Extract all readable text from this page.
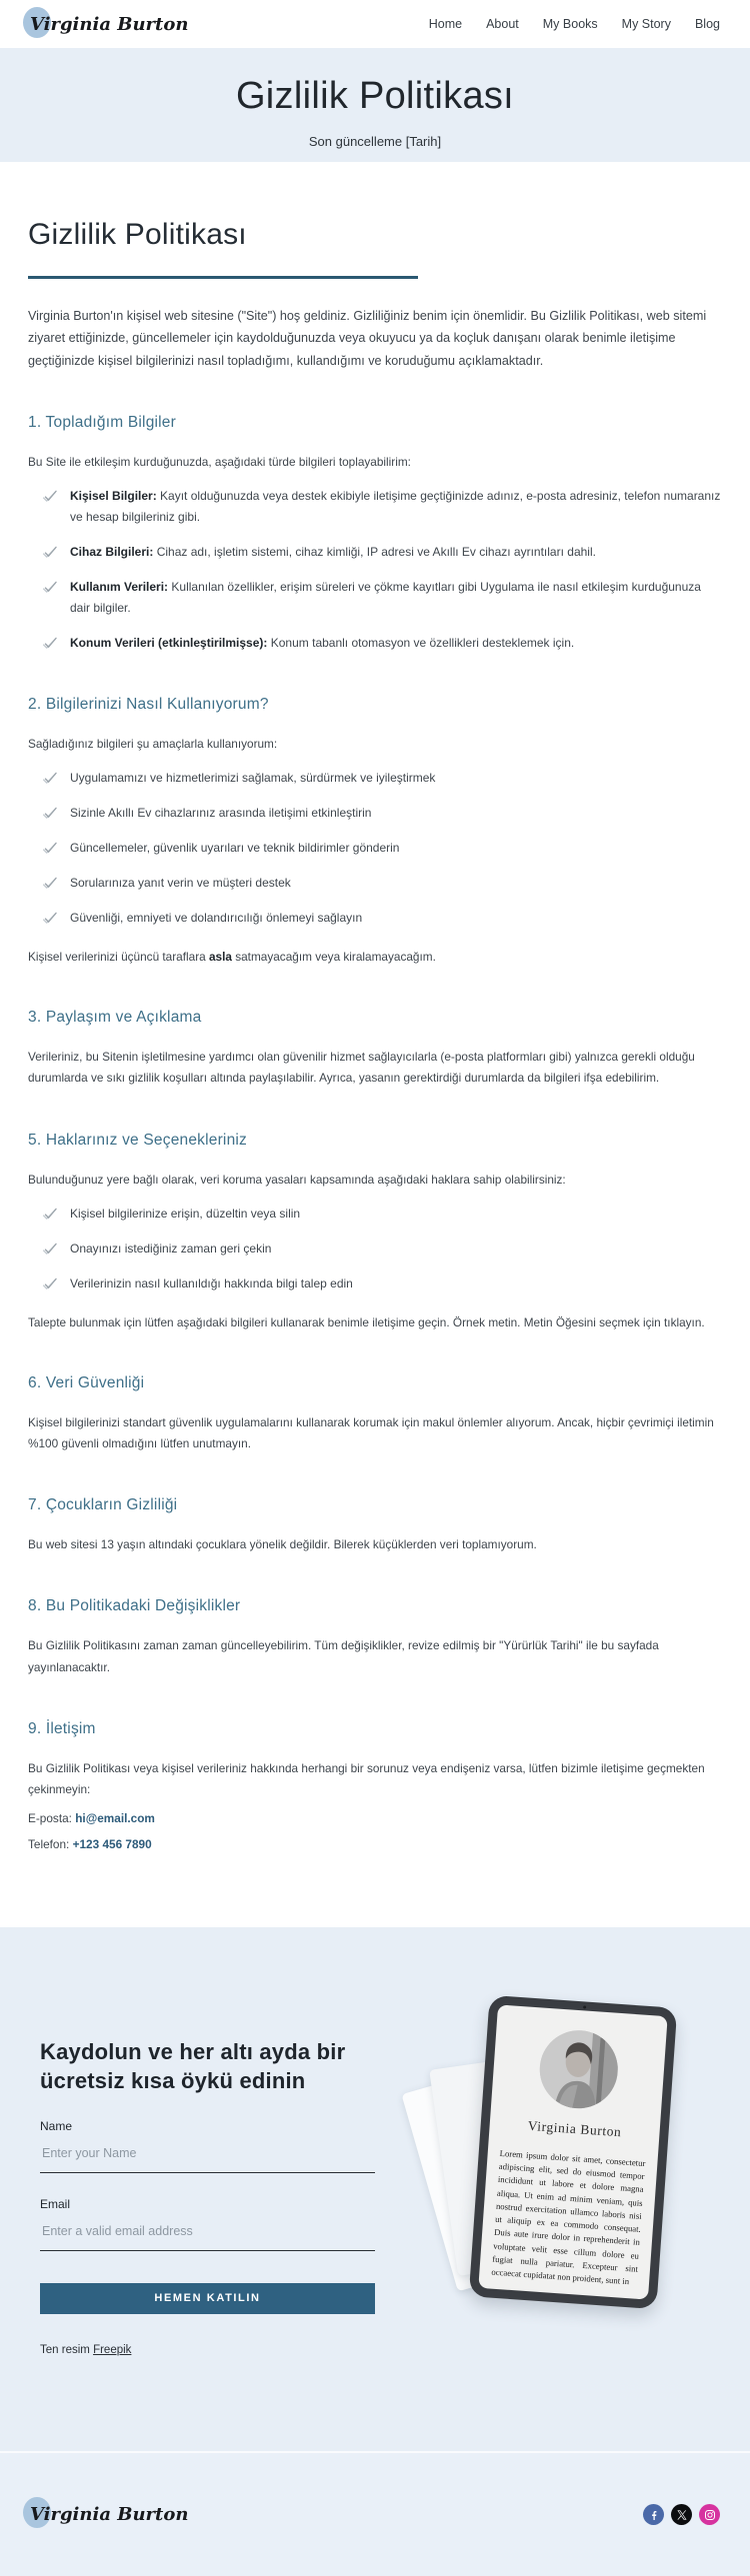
Virginia Burton	Home About My Books My Story Blog
Gizlilik Politikası

Son güncelleme [Tarih]

Gizlilik Politikası

Virginia Burton'ın kişisel web sitesine ("Site") hoş geldiniz. Gizliliğiniz benim için önemlidir. Bu Gizlilik Politikası, web sitemi ziyaret ettiğinizde, güncellemeler için kaydolduğunuzda veya okuyucu ya da koçluk danışanı olarak benimle iletişime geçtiğinizde kişisel bilgilerinizi nasıl topladığımı, kullandığımı ve koruduğumu açıklamaktadır.

1. Topladığım Bilgiler

Bu Site ile etkileşim kurduğunuzda, aşağıdaki türde bilgileri toplayabilirim:

Kişisel Bilgiler: Kayıt olduğunuzda veya destek ekibiyle iletişime geçtiğinizde adınız, e-posta adresiniz, telefon numaranız ve hesap bilgileriniz gibi.

Cihaz Bilgileri: Cihaz adı, işletim sistemi, cihaz kimliği, IP adresi ve Akıllı Ev cihazı ayrıntıları dahil.

Kullanım Verileri: Kullanılan özellikler, erişim süreleri ve çökme kayıtları gibi Uygulama ile nasıl etkileşim kurduğunuza dair bilgiler.

Konum Verileri (etkinleştirilmişse): Konum tabanlı otomasyon ve özellikleri desteklemek için.

2. Bilgilerinizi Nasıl Kullanıyorum?

Sağladığınız bilgileri şu amaçlarla kullanıyorum:

Uygulamamızı ve hizmetlerimizi sağlamak, sürdürmek ve iyileştirmek

Sizinle Akıllı Ev cihazlarınız arasında iletişimi etkinleştirin

Güncellemeler, güvenlik uyarıları ve teknik bildirimler gönderin

Sorularınıza yanıt verin ve müşteri destek

Güvenliği, emniyeti ve dolandırıcılığı önlemeyi sağlayın

Kişisel verilerinizi üçüncü taraflara asla satmayacağım veya kiralamayacağım.

3. Paylaşım ve Açıklama

Verileriniz, bu Sitenin işletilmesine yardımcı olan güvenilir hizmet sağlayıcılarla (e-posta platformları gibi) yalnızca gerekli olduğu durumlarda ve sıkı gizlilik koşulları altında paylaşılabilir. Ayrıca, yasanın gerektirdiği durumlarda da bilgileri ifşa edebilirim.

5. Haklarınız ve Seçenekleriniz

Bulunduğunuz yere bağlı olarak, veri koruma yasaları kapsamında aşağıdaki haklara sahip olabilirsiniz:

Kişisel bilgilerinize erişin, düzeltin veya silin

Onayınızı istediğiniz zaman geri çekin

Verilerinizin nasıl kullanıldığı hakkında bilgi talep edin

Talepte bulunmak için lütfen aşağıdaki bilgileri kullanarak benimle iletişime geçin. Örnek metin. Metin Öğesini seçmek için tıklayın.

6. Veri Güvenliği

Kişisel bilgilerinizi standart güvenlik uygulamalarını kullanarak korumak için makul önlemler alıyorum. Ancak, hiçbir çevrimiçi iletimin %100 güvenli olmadığını lütfen unutmayın.

7. Çocukların Gizliliği

Bu web sitesi 13 yaşın altındaki çocuklara yönelik değildir. Bilerek küçüklerden veri toplamıyorum.

8. Bu Politikadaki Değişiklikler

Bu Gizlilik Politikasını zaman zaman güncelleyebilirim. Tüm değişiklikler, revize edilmiş bir "Yürürlük Tarihi" ile bu sayfada yayınlanacaktır.

9. İletişim

Bu Gizlilik Politikası veya kişisel verileriniz hakkında herhangi bir sorunuz veya endişeniz varsa, lütfen bizimle iletişime geçmekten çekinmeyin:

E-posta: hi@email.com

Telefon: +123 456 7890

Kaydolun ve her altı ayda bir ücretsiz kısa öykü edinin
Name
Enter your Name
Email
Enter a valid email address
HEMEN KATILIN

Ten resim Freepik

Virginia Burton

Lorem ipsum dolor sit amet, consectetur adipiscing elit, sed do eiusmod tempor incididunt ut labore et dolore magna aliqua. Ut enim ad minim veniam, quis nostrud exercitation ullamco laboris nisi ut aliquip ex ea commodo consequat. Duis aute irure dolor in reprehenderit in voluptate velit esse cillum dolore eu fugiat nulla pariatur. Excepteur sint occaecat cupidatat non proident, sunt in

Virginia Burton
